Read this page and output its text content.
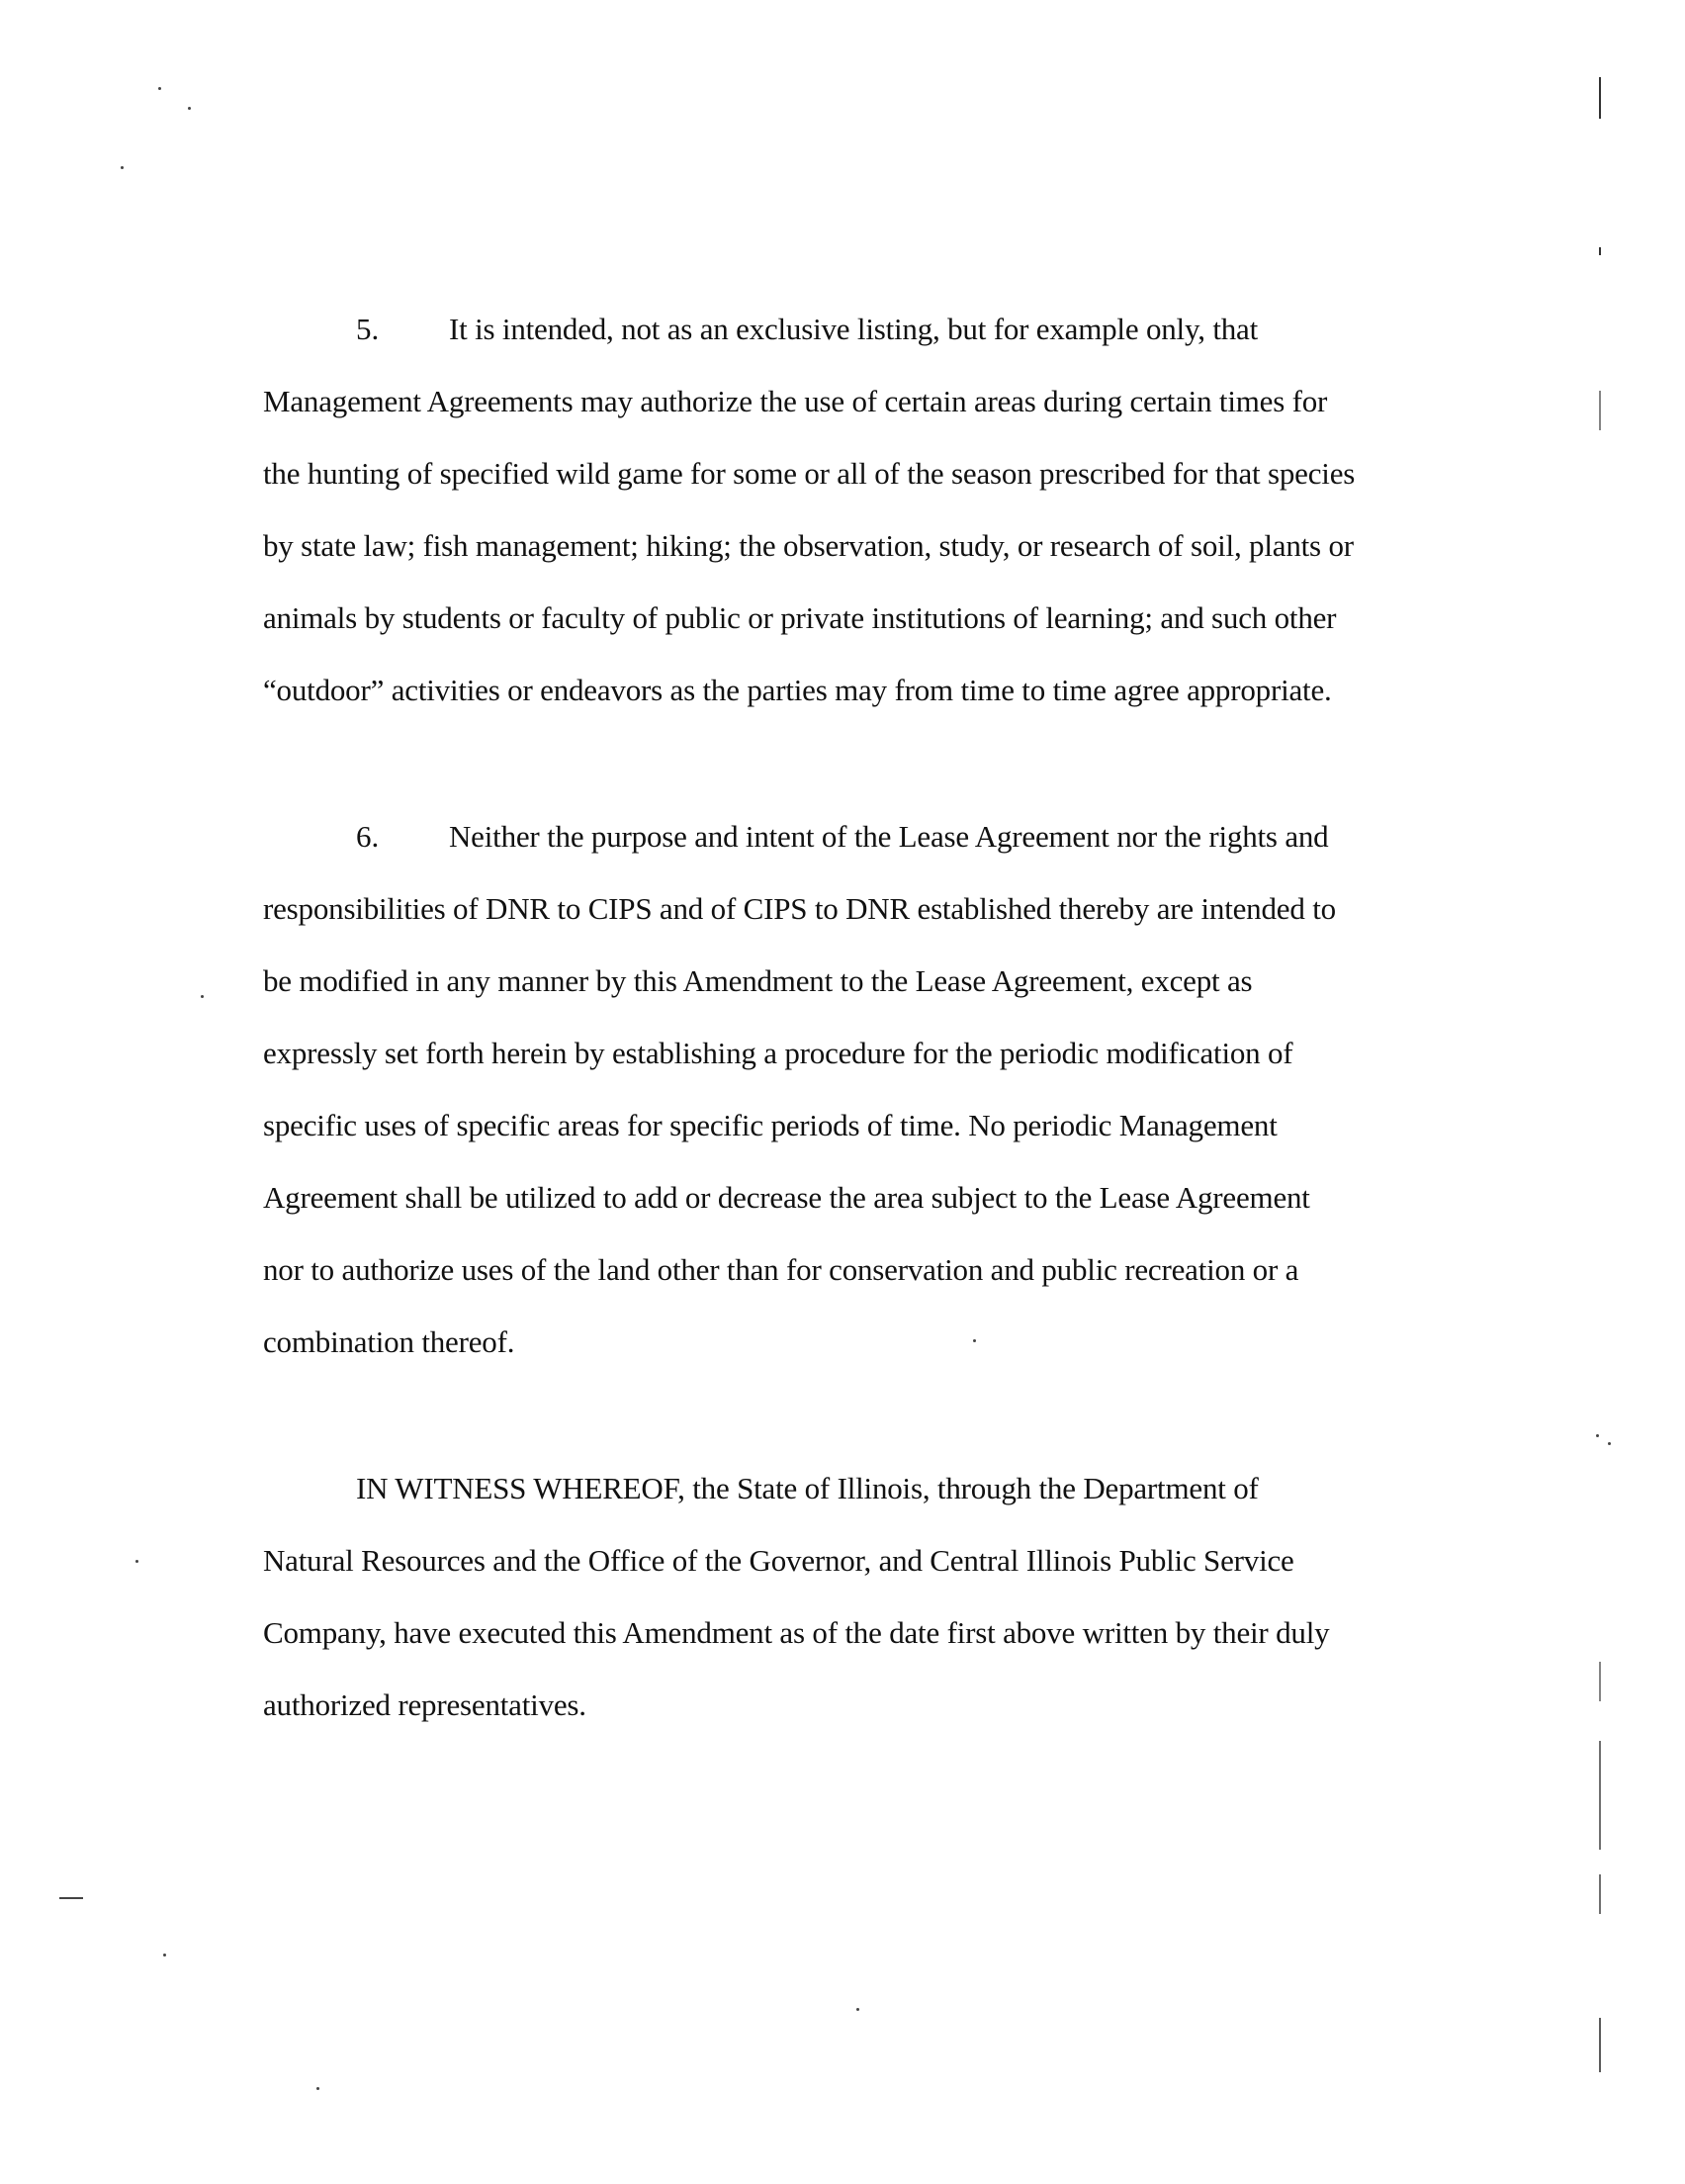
5. It is intended, not as an exclusive listing, but for example only, that
Management Agreements may authorize the use of certain areas during certain times for
the hunting of specified wild game for some or all of the season prescribed for that species
by state law; fish management; hiking; the observation, study, or research of soil, plants or
animals by students or faculty of public or private institutions of learning; and such other
“outdoor” activities or endeavors as the parties may from time to time agree appropriate.
6. Neither the purpose and intent of the Lease Agreement nor the rights and
responsibilities of DNR to CIPS and of CIPS to DNR established thereby are intended to
be modified in any manner by this Amendment to the Lease Agreement, except as
expressly set forth herein by establishing a procedure for the periodic modification of
specific uses of specific areas for specific periods of time. No periodic Management
Agreement shall be utilized to add or decrease the area subject to the Lease Agreement
nor to authorize uses of the land other than for conservation and public recreation or a
combination thereof.
IN WITNESS WHEREOF, the State of Illinois, through the Department of
Natural Resources and the Office of the Governor, and Central Illinois Public Service
Company, have executed this Amendment as of the date first above written by their duly
authorized representatives.
